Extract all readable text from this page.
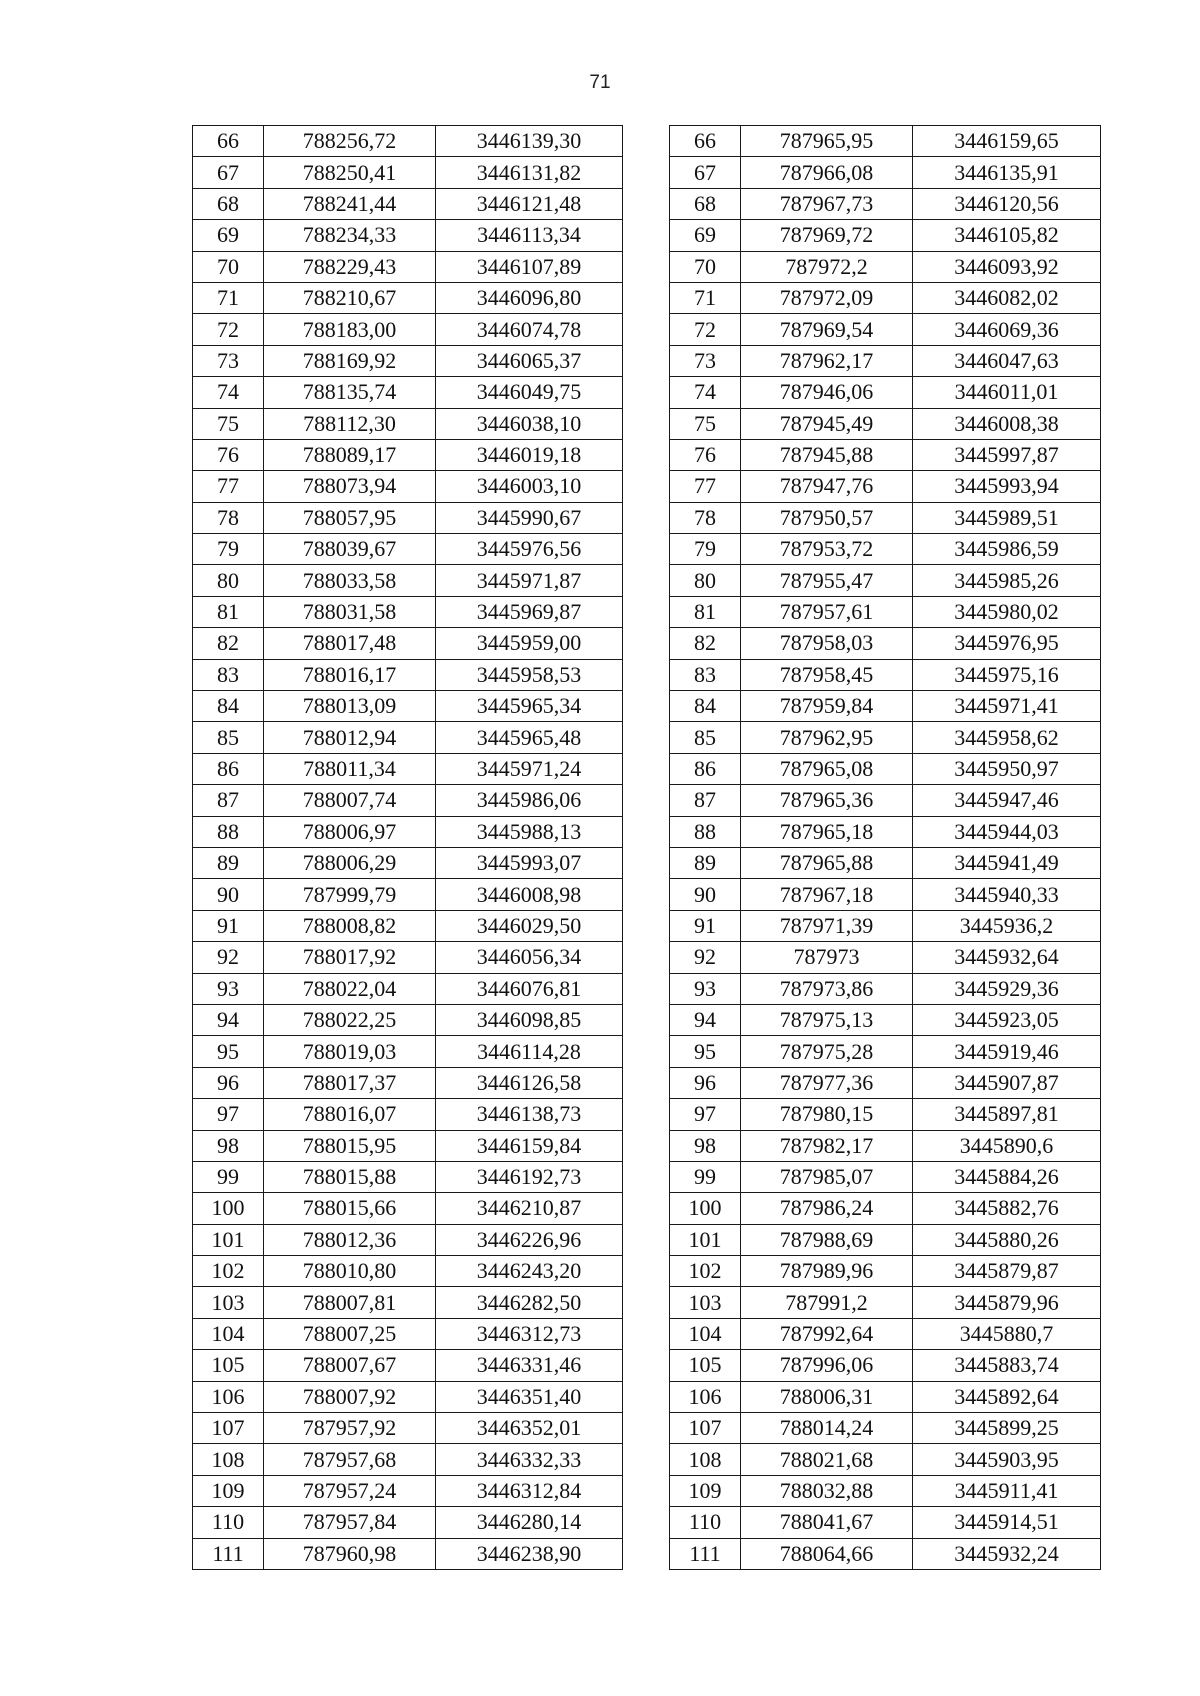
71
66	788256,72	3446139,30
67	788250,41	3446131,82
68	788241,44	3446121,48
69	788234,33	3446113,34
70	788229,43	3446107,89
71	788210,67	3446096,80
72	788183,00	3446074,78
73	788169,92	3446065,37
74	788135,74	3446049,75
75	788112,30	3446038,10
76	788089,17	3446019,18
77	788073,94	3446003,10
78	788057,95	3445990,67
79	788039,67	3445976,56
80	788033,58	3445971,87
81	788031,58	3445969,87
82	788017,48	3445959,00
83	788016,17	3445958,53
84	788013,09	3445965,34
85	788012,94	3445965,48
86	788011,34	3445971,24
87	788007,74	3445986,06
88	788006,97	3445988,13
89	788006,29	3445993,07
90	787999,79	3446008,98
91	788008,82	3446029,50
92	788017,92	3446056,34
93	788022,04	3446076,81
94	788022,25	3446098,85
95	788019,03	3446114,28
96	788017,37	3446126,58
97	788016,07	3446138,73
98	788015,95	3446159,84
99	788015,88	3446192,73
100	788015,66	3446210,87
101	788012,36	3446226,96
102	788010,80	3446243,20
103	788007,81	3446282,50
104	788007,25	3446312,73
105	788007,67	3446331,46
106	788007,92	3446351,40
107	787957,92	3446352,01
108	787957,68	3446332,33
109	787957,24	3446312,84
110	787957,84	3446280,14
111	787960,98	3446238,90
66	787965,95	3446159,65
67	787966,08	3446135,91
68	787967,73	3446120,56
69	787969,72	3446105,82
70	787972,2	3446093,92
71	787972,09	3446082,02
72	787969,54	3446069,36
73	787962,17	3446047,63
74	787946,06	3446011,01
75	787945,49	3446008,38
76	787945,88	3445997,87
77	787947,76	3445993,94
78	787950,57	3445989,51
79	787953,72	3445986,59
80	787955,47	3445985,26
81	787957,61	3445980,02
82	787958,03	3445976,95
83	787958,45	3445975,16
84	787959,84	3445971,41
85	787962,95	3445958,62
86	787965,08	3445950,97
87	787965,36	3445947,46
88	787965,18	3445944,03
89	787965,88	3445941,49
90	787967,18	3445940,33
91	787971,39	3445936,2
92	787973	3445932,64
93	787973,86	3445929,36
94	787975,13	3445923,05
95	787975,28	3445919,46
96	787977,36	3445907,87
97	787980,15	3445897,81
98	787982,17	3445890,6
99	787985,07	3445884,26
100	787986,24	3445882,76
101	787988,69	3445880,26
102	787989,96	3445879,87
103	787991,2	3445879,96
104	787992,64	3445880,7
105	787996,06	3445883,74
106	788006,31	3445892,64
107	788014,24	3445899,25
108	788021,68	3445903,95
109	788032,88	3445911,41
110	788041,67	3445914,51
111	788064,66	3445932,24
